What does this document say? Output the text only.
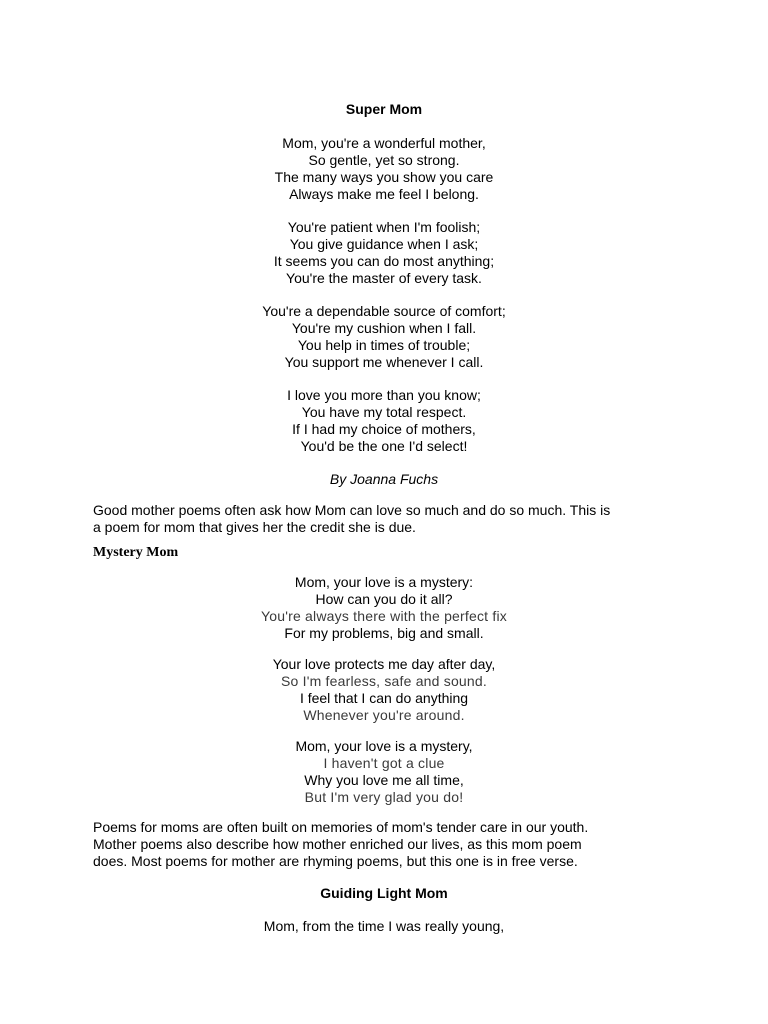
Super Mom
Mom, you're a wonderful mother,
So gentle, yet so strong.
The many ways you show you care
Always make me feel I belong.
You're patient when I'm foolish;
You give guidance when I ask;
It seems you can do most anything;
You're the master of every task.
You're a dependable source of comfort;
You're my cushion when I fall.
You help in times of trouble;
You support me whenever I call.
I love you more than you know;
You have my total respect.
If I had my choice of mothers,
You'd be the one I'd select!
By Joanna Fuchs
Good mother poems often ask how Mom can love so much and do so much. This is
a poem for mom that gives her the credit she is due.
Mystery Mom
Mom, your love is a mystery:
How can you do it all?
You're always there with the perfect fix
For my problems, big and small.
Your love protects me day after day,
So I'm fearless, safe and sound.
I feel that I can do anything
Whenever you're around.
Mom, your love is a mystery,
I haven't got a clue
Why you love me all time,
But I'm very glad you do!
Poems for moms are often built on memories of mom's tender care in our youth.
Mother poems also describe how mother enriched our lives, as this mom poem
does. Most poems for mother are rhyming poems, but this one is in free verse.
Guiding Light Mom
Mom, from the time I was really young,
